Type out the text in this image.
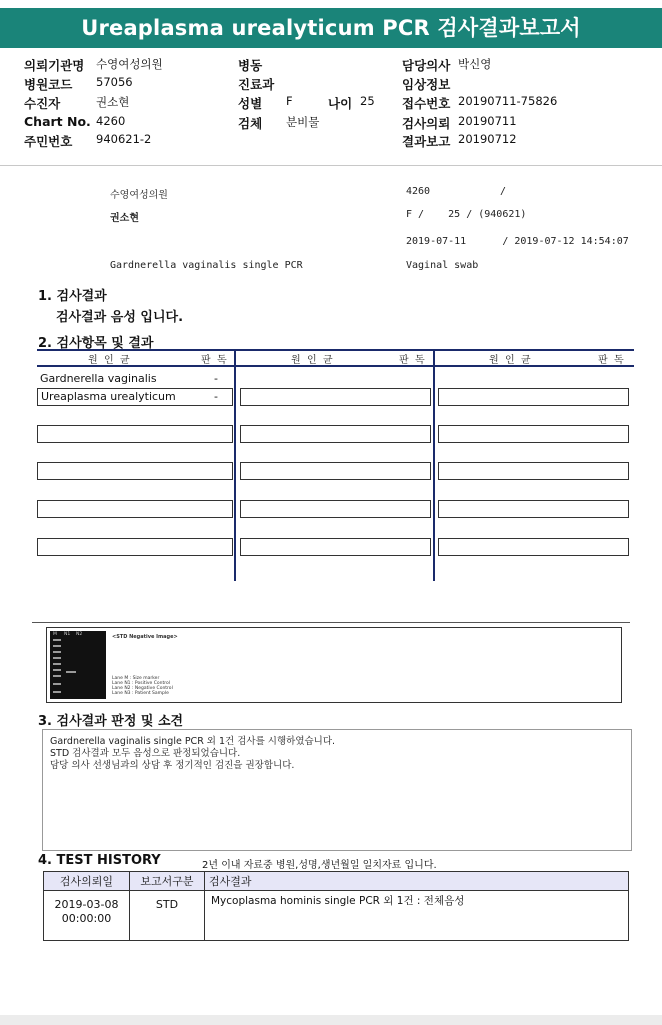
Ureaplasma urealyticum PCR 검사결과보고서
의뢰기관명 수영여성의원	병동	담당의사 박신영
병원코드 57056	진료과	임상정보
수진자	권소현	성별 F	나이 25 접수번호 20190711-75826
Chart No. 4260	검체 분비물	검사의뢰 20190711
주민번호 940621-2	결과보고 20190712
수영여성의원	4260	/
권소현	F /    25 / (940621)
2019-07-11      / 2019-07-12 14:54:07
Gardnerella vaginalis single PCR	Vaginal swab
1. 검사결과
검사결과 음성 입니다.
2. 검사항목 및 결과
원  인  균	판  독	원  인  균	판  독	원  인  균	판  독
Gardnerella vaginalis	-
Ureaplasma urealyticum	-
M     N1    N2	<STD Negative Image>
Lane M : Size marker
Lane N1 : Positive Control
Lane N2 : Negative Control
Lane N3 : Patient Sample
3. 검사결과 판정 및 소견
Gardnerella vaginalis single PCR 외 1건 검사를 시행하였습니다.
STD 검사결과 모두 음성으로 판정되었습니다.
담당 의사 선생님과의 상담 후 정기적인 검진을 권장합니다.
4. TEST HISTORY	2년 이내 자료중 병원,성명,생년월일 일치자료 입니다.
검사의뢰일	보고서구분	검사결과

2019-03-08
00:00:00	STD	Mycoplasma hominis single PCR 외 1건 : 전체음성
